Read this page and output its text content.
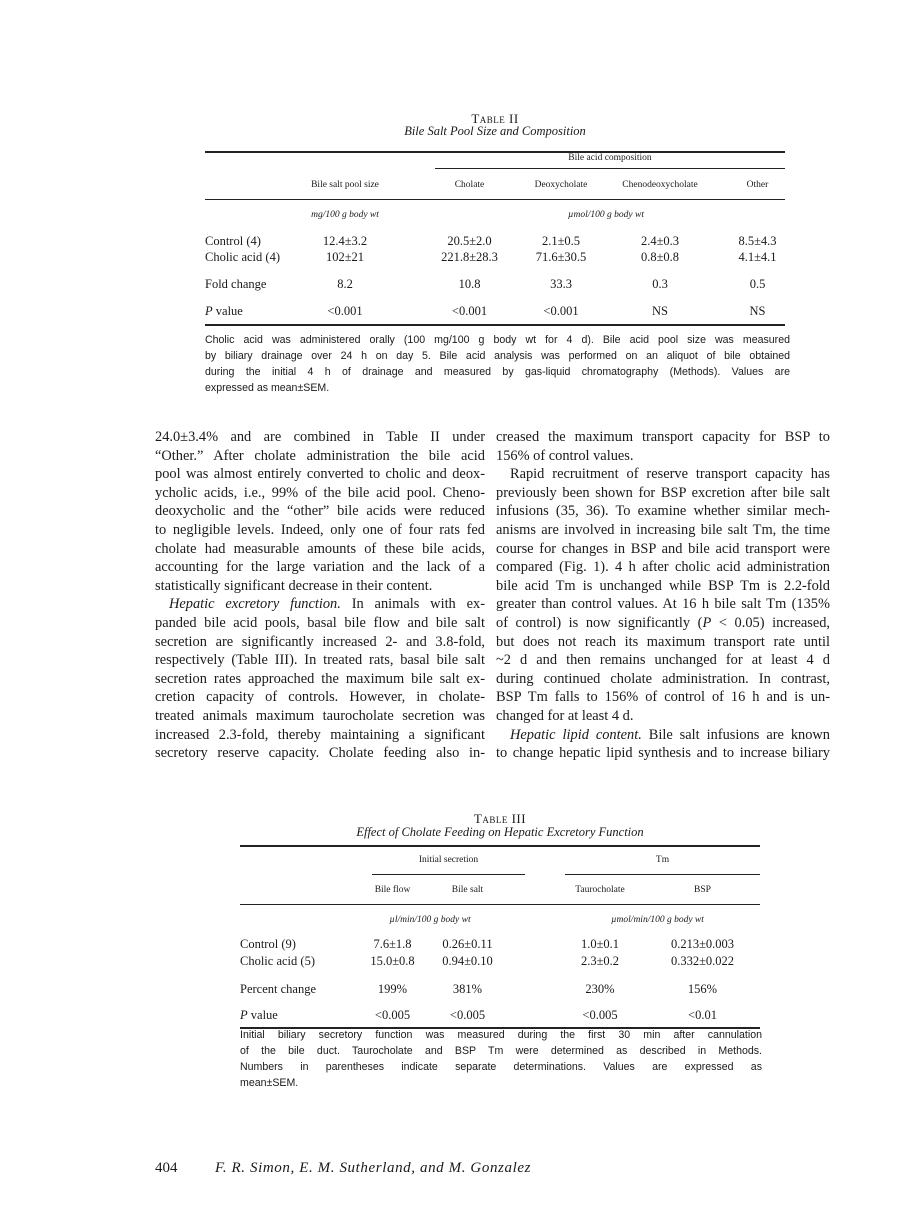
Table II
Bile Salt Pool Size and Composition
Bile acid composition
Bile salt pool size	Cholate	Deoxycholate	Chenodeoxycholate	Other
mg/100 g body wt	µmol/100 g body wt
Control (4)	12.4±3.2	20.5±2.0	2.1±0.5	2.4±0.3	8.5±4.3
Cholic acid (4)	102±21	221.8±28.3	71.6±30.5	0.8±0.8	4.1±4.1
Fold change	8.2	10.8	33.3	0.3	0.5
P value	<0.001	<0.001	<0.001	NS	NS
Cholic acid was administered orally (100 mg/100 g body wt for 4 d). Bile acid pool size was measured
by biliary drainage over 24 h on day 5. Bile acid analysis was performed on an aliquot of bile obtained
during the initial 4 h of drainage and measured by gas-liquid chromatography (Methods). Values are
expressed as mean±SEM.
24.0±3.4% and are combined in Table II under
“Other.” After cholate administration the bile acid
pool was almost entirely converted to cholic and deox-
ycholic acids, i.e., 99% of the bile acid pool. Cheno-
deoxycholic and the “other” bile acids were reduced
to negligible levels. Indeed, only one of four rats fed
cholate had measurable amounts of these bile acids,
accounting for the large variation and the lack of a
statistically significant decrease in their content.
Hepatic excretory function. In animals with ex-
panded bile acid pools, basal bile flow and bile salt
secretion are significantly increased 2- and 3.8-fold,
respectively (Table III). In treated rats, basal bile salt
secretion rates approached the maximum bile salt ex-
cretion capacity of controls. However, in cholate-
treated animals maximum taurocholate secretion was
increased 2.3-fold, thereby maintaining a significant
secretory reserve capacity. Cholate feeding also in-
creased the maximum transport capacity for BSP to
156% of control values.
Rapid recruitment of reserve transport capacity has
previously been shown for BSP excretion after bile salt
infusions (35, 36). To examine whether similar mech-
anisms are involved in increasing bile salt Tm, the time
course for changes in BSP and bile acid transport were
compared (Fig. 1). 4 h after cholic acid administration
bile acid Tm is unchanged while BSP Tm is 2.2-fold
greater than control values. At 16 h bile salt Tm (135%
of control) is now significantly (P < 0.05) increased,
but does not reach its maximum transport rate until
~2 d and then remains unchanged for at least 4 d
during continued cholate administration. In contrast,
BSP Tm falls to 156% of control of 16 h and is un-
changed for at least 4 d.
Hepatic lipid content. Bile salt infusions are known
to change hepatic lipid synthesis and to increase biliary
Table III
Effect of Cholate Feeding on Hepatic Excretory Function
Initial secretion	Tm
Bile flow	Bile salt	Taurocholate	BSP
µl/min/100 g body wt	µmol/min/100 g body wt
Control (9)	7.6±1.8	0.26±0.11	1.0±0.1	0.213±0.003
Cholic acid (5)	15.0±0.8	0.94±0.10	2.3±0.2	0.332±0.022
Percent change	199%	381%	230%	156%
P value	<0.005	<0.005	<0.005	<0.01
Initial biliary secretory function was measured during the first 30 min after cannulation
of the bile duct. Taurocholate and BSP Tm were determined as described in Methods.
Numbers in parentheses indicate separate determinations. Values are expressed as
mean±SEM.
404	F. R. Simon, E. M. Sutherland, and M. Gonzalez
